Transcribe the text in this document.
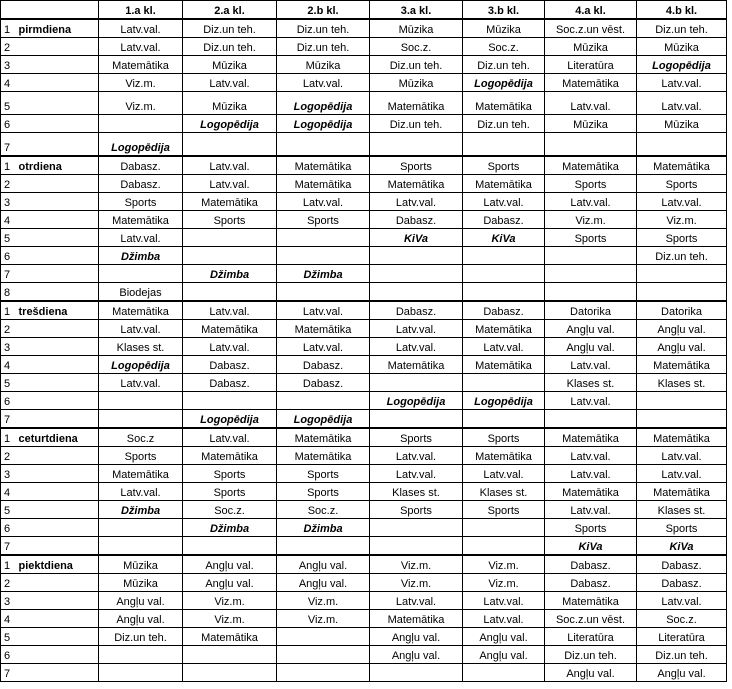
		1.a kl.	2.a kl.	2.b kl.	3.a kl.	3.b kl.	4.a kl.	4.b kl.
1	pirmdiena	Latv.val.	Diz.un teh.	Diz.un teh.	Mūzika	Mūzika	Soc.z.un vēst.	Diz.un teh.
2		Latv.val.	Diz.un teh.	Diz.un teh.	Soc.z.	Soc.z.	Mūzika	Mūzika
3		Matemātika	Mūzika	Mūzika	Diz.un teh.	Diz.un teh.	Literatūra	Logopēdija
4		Viz.m.	Latv.val.	Latv.val.	Mūzika	Logopēdija	Matemātika	Latv.val.
5		Viz.m.	Mūzika	Logopēdija	Matemātika	Matemātika	Latv.val.	Latv.val.
6			Logopēdija	Logopēdija	Diz.un teh.	Diz.un teh.	Mūzika	Mūzika
7		Logopēdija						
1	otrdiena	Dabasz.	Latv.val.	Matemātika	Sports	Sports	Matemātika	Matemātika
2		Dabasz.	Latv.val.	Matemātika	Matemātika	Matemātika	Sports	Sports
3		Sports	Matemātika	Latv.val.	Latv.val.	Latv.val.	Latv.val.	Latv.val.
4		Matemātika	Sports	Sports	Dabasz.	Dabasz.	Viz.m.	Viz.m.
5		Latv.val.			KiVa	KiVa	Sports	Sports
6		Džimba						Diz.un teh.
7			Džimba	Džimba				
8		Biodejas						
1	trešdiena	Matemātika	Latv.val.	Latv.val.	Dabasz.	Dabasz.	Datorika	Datorika
2		Latv.val.	Matemātika	Matemātika	Latv.val.	Matemātika	Angļu val.	Angļu val.
3		Klases st.	Latv.val.	Latv.val.	Latv.val.	Latv.val.	Angļu val.	Angļu val.
4		Logopēdija	Dabasz.	Dabasz.	Matemātika	Matemātika	Latv.val.	Matemātika
5		Latv.val.	Dabasz.	Dabasz.			Klases st.	Klases st.
6					Logopēdija	Logopēdija	Latv.val.	
7			Logopēdija	Logopēdija				
1	ceturtdiena	Soc.z	Latv.val.	Matemātika	Sports	Sports	Matemātika	Matemātika
2		Sports	Matemātika	Matemātika	Latv.val.	Matemātika	Latv.val.	Latv.val.
3		Matemātika	Sports	Sports	Latv.val.	Latv.val.	Latv.val.	Latv.val.
4		Latv.val.	Sports	Sports	Klases st.	Klases st.	Matemātika	Matemātika
5		Džimba	Soc.z.	Soc.z.	Sports	Sports	Latv.val.	Klases st.
6			Džimba	Džimba			Sports	Sports
7							KiVa	KiVa
1	piektdiena	Mūzika	Angļu val.	Angļu val.	Viz.m.	Viz.m.	Dabasz.	Dabasz.
2		Mūzika	Angļu val.	Angļu val.	Viz.m.	Viz.m.	Dabasz.	Dabasz.
3		Angļu val.	Viz.m.	Viz.m.	Latv.val.	Latv.val.	Matemātika	Latv.val.
4		Angļu val.	Viz.m.	Viz.m.	Matemātika	Latv.val.	Soc.z.un vēst.	Soc.z.
5		Diz.un teh.	Matemātika		Angļu val.	Angļu val.	Literatūra	Literatūra
6					Angļu val.	Angļu val.	Diz.un teh.	Diz.un teh.
7							Angļu val.	Angļu val.
